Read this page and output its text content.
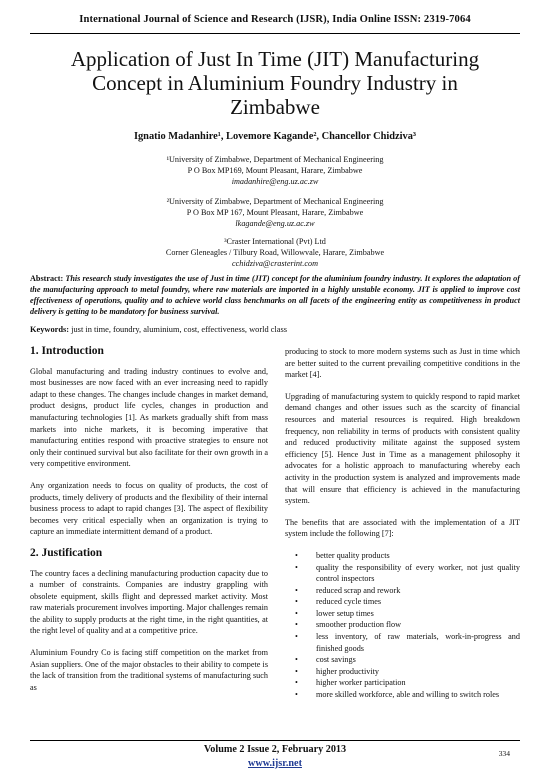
International Journal of Science and Research (IJSR), India Online ISSN: 2319-7064
Application of Just In Time (JIT) Manufacturing
Concept in Aluminium Foundry Industry in
Zimbabwe
Ignatio Madanhire¹, Lovemore Kagande², Chancellor Chidziva³
¹University of Zimbabwe, Department of Mechanical Engineering
P O Box MP169, Mount Pleasant, Harare, Zimbabwe
imadanhire@eng.uz.ac.zw
²University of Zimbabwe, Department of Mechanical Engineering
P O Box MP 167, Mount Pleasant, Harare, Zimbabwe
lkagande@eng.uz.ac.zw
³Craster International (Pvt) Ltd
Corner Gleneagles / Tilbury Road, Willowvale, Harare, Zimbabwe
cchidziva@crasterint.com
Abstract: This research study investigates the use of Just in time (JIT) concept for the aluminium foundry industry. It explores the adaptation of the manufacturing approach to metal foundry, where raw materials are imported in a highly unstable economy. JIT is applied to improve cost effectiveness of operations, quality and to achieve world class benchmarks on all facets of the engineering entity as competitiveness in product delivery is getting to be mandatory for business survival.
Keywords: just in time, foundry, aluminium, cost, effectiveness, world class
1. Introduction

Global manufacturing and trading industry continues to evolve and, most businesses are now faced with an ever increasing need to rapidly adapt to these changes. The changes include changes in market demand, product designs, product life cycles, changes in production and manufacturing technologies [1]. As markets gradually shift from mass markets into niche markets, it is becoming imperative that manufacturing entities respond with proactive strategies to ensure not only their continued survival but also facilitate for their own growth in a very competitive environment.

Any organization needs to focus on quality of products, the cost of products, timely delivery of products and the flexibility of their internal business process to adapt to rapid changes [3]. The aspect of flexibility becomes very critical especially when an organization is trying to capture an immediate intermittent demand of a product.

2. Justification

The country faces a declining manufacturing production capacity due to a number of constraints. Companies are industry grappling with obsolete equipment, skills flight and depressed market activity. Most raw materials procurement involves importing. Major challenges remain the ability to supply products at the right time, in the right quantities, at the right level of quality and at a competitive price.

Aluminium Foundry Co is facing stiff competition on the market from Asian suppliers. One of the major obstacles to their ability to compete is the lack of transition from the traditional systems of manufacturing such as

producing to stock to more modern systems such as Just in time which are better suited to the current prevailing competitive conditions in the market [4].

Upgrading of manufacturing system to quickly respond to rapid market demand changes and other issues such as the scarcity of financial resources and material resources is required. High breakdown frequency, non reliability in terms of products with consistent quality and reduced productivity militate against the supposed system efficiency [5]. Hence Just in Time as a management philosophy it advocates for a holistic approach to manufacturing whereby each activity in the production system is analyzed and improvements made that will ensure that efficiency is achieved in the manufacturing system.

The benefits that are associated with the implementation of a JIT system include the following [7]:

• better quality products
• quality the responsibility of every worker, not just quality control inspectors
• reduced scrap and rework
• reduced cycle times
• lower setup times
• smoother production flow
• less inventory, of raw materials, work-in-progress and finished goods
• cost savings
• higher productivity
• higher worker participation
• more skilled workforce, able and willing to switch roles
Volume 2 Issue 2, February 2013
www.ijsr.net
334
